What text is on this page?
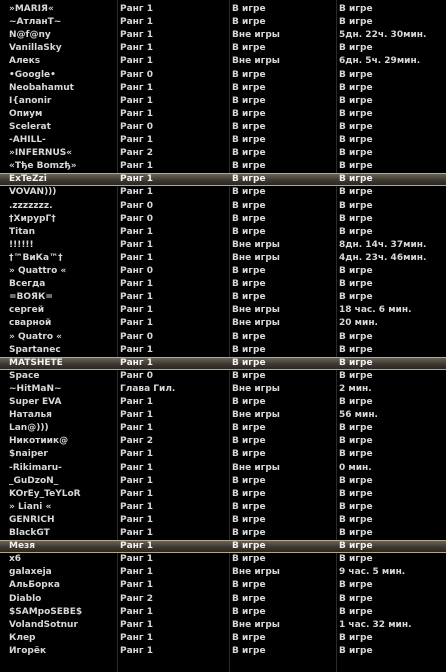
»MARIЯ«	Ранг 1	В игре	В игре
~АтланТ~	Ранг 1	В игре	В игре
N@f@ny	Ранг 1	Вне игры	5дн. 22ч. 30мин.
VanillaSky	Ранг 1	В игре	В игре
Алекs	Ранг 1	Вне игры	6дн. 5ч. 29мин.
•Google•	Ранг 0	В игре	В игре
Neobahamut	Ранг 1	В игре	В игре
I{anonir	Ранг 1	В игре	В игре
Опиум	Ранг 1	В игре	В игре
Scelerat	Ранг 0	В игре	В игре
-AHILL-	Ранг 1	В игре	В игре
»INFERNUS«	Ранг 2	В игре	В игре
«Tђe Bomzђ»	Ранг 1	В игре	В игре
ExTeZzi	Ранг 1	В игре	В игре
VOVAN)))	Ранг 1	В игре	В игре
.zzzzzzz.	Ранг 0	В игре	В игре
†ХирурГ†	Ранг 0	В игре	В игре
Titan	Ранг 1	В игре	В игре
!!!!!!	Ранг 1	Вне игры	8дн. 14ч. 37мин.
†™ВиКа™†	Ранг 1	Вне игры	4дн. 23ч. 46мин.
» Quattro «	Ранг 0	В игре	В игре
Всегда	Ранг 1	В игре	В игре
=ВОЯК=	Ранг 1	В игре	В игре
сергей	Ранг 1	Вне игры	18 час. 6 мин.
сварной	Ранг 1	Вне игры	20 мин.
» Quatro «	Ранг 0	В игре	В игре
Spartanec	Ранг 1	В игре	В игре
MATSHETE	Ранг 1	В игре	В игре
Space	Ранг 0	В игре	В игре
~HitMaN~	Глава Гил.	Вне игры	2 мин.
Super EVA	Ранг 1	В игре	В игре
Наталья	Ранг 1	Вне игры	56 мин.
Lan@)))	Ранг 1	В игре	В игре
Никотиик@	Ранг 2	В игре	В игре
$naiper	Ранг 1	В игре	В игре
-Rikimaru-	Ранг 1	Вне игры	0 мин.
_GuDzoN_	Ранг 1	В игре	В игре
KOrEy_TeYLoR	Ранг 1	В игре	В игре
» Liani «	Ранг 1	В игре	В игре
GENRICH	Ранг 1	В игре	В игре
BlackGT	Ранг 1	В игре	В игре
Мезя	Ранг 1	В игре	В игре
х6	Ранг 1	В игре	В игре
galaxeja	Ранг 1	Вне игры	9 час. 5 мин.
АльБорка	Ранг 1	В игре	В игре
Diablo	Ранг 2	В игре	В игре
$SAMpoSEBE$	Ранг 1	В игре	В игре
VolandSotnur	Ранг 1	Вне игры	1 час. 32 мин.
Клер	Ранг 1	В игре	В игре
Игорёк	Ранг 1	В игре	В игре
